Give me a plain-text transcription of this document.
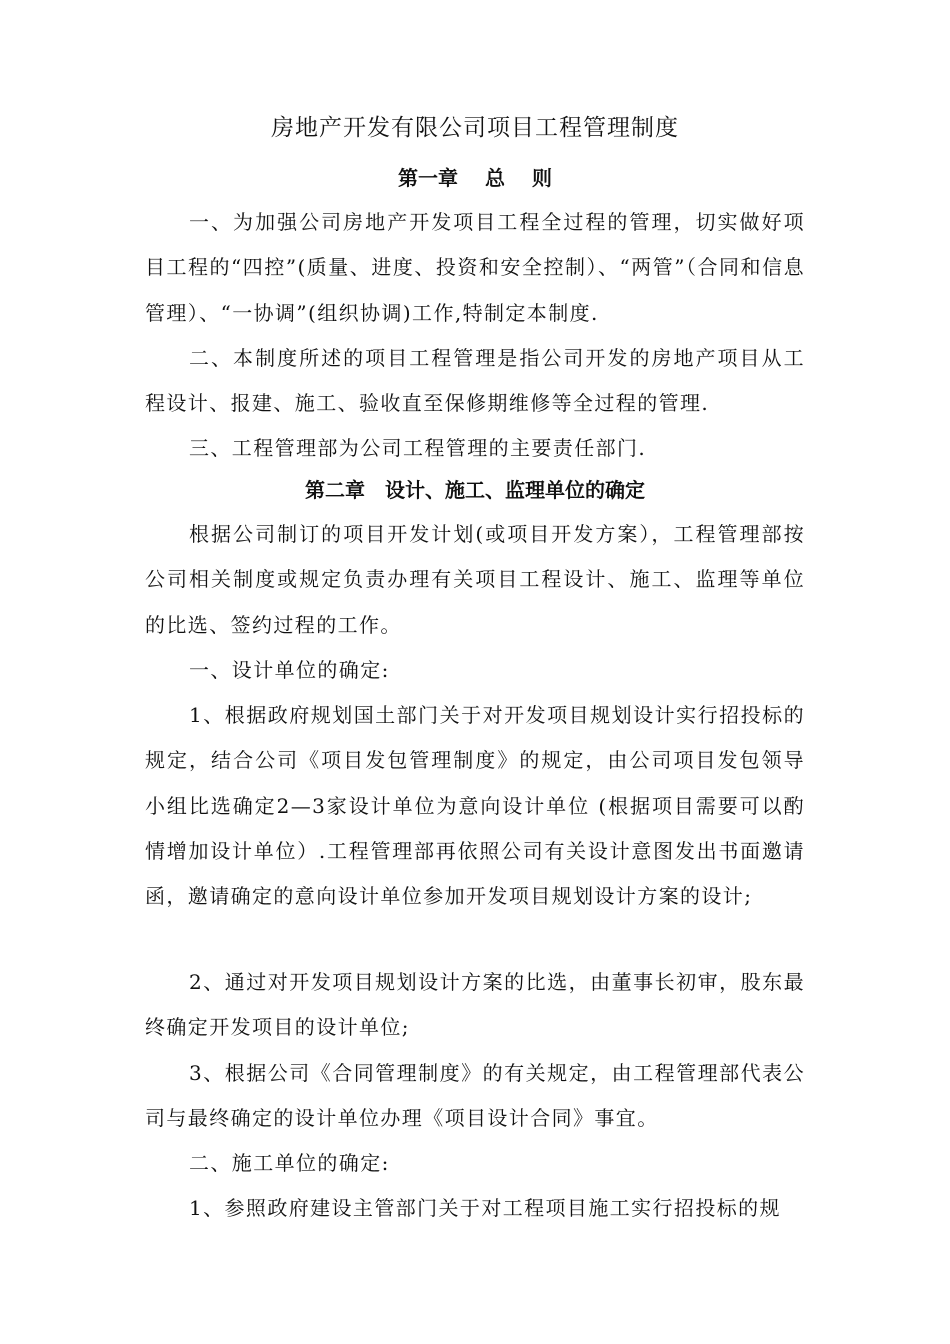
房地产开发有限公司项目工程管理制度
第一章　 总　 则

一、为加强公司房地产开发项目工程全过程的管理，切实做好项目工程的“四控”(质量、进度、投资和安全控制）、“两管”（合同和信息管理）、“一协调”(组织协调)工作,特制定本制度.

二、本制度所述的项目工程管理是指公司开发的房地产项目从工程设计、报建、施工、验收直至保修期维修等全过程的管理.

三、工程管理部为公司工程管理的主要责任部门.

第二章　设计、施工、监理单位的确定

根据公司制订的项目开发计划(或项目开发方案），工程管理部按公司相关制度或规定负责办理有关项目工程设计、施工、监理等单位的比选、签约过程的工作。

一、设计单位的确定:

1、根据政府规划国土部门关于对开发项目规划设计实行招投标的规定，结合公司《项目发包管理制度》的规定，由公司项目发包领导小组比选确定2—3家设计单位为意向设计单位 (根据项目需要可以酌情增加设计单位）.工程管理部再依照公司有关设计意图发出书面邀请函，邀请确定的意向设计单位参加开发项目规划设计方案的设计;

2、通过对开发项目规划设计方案的比选，由董事长初审，股东最终确定开发项目的设计单位;

3、根据公司《合同管理制度》的有关规定，由工程管理部代表公司与最终确定的设计单位办理《项目设计合同》事宜。

二、施工单位的确定:

1、参照政府建设主管部门关于对工程项目施工实行招投标的规
